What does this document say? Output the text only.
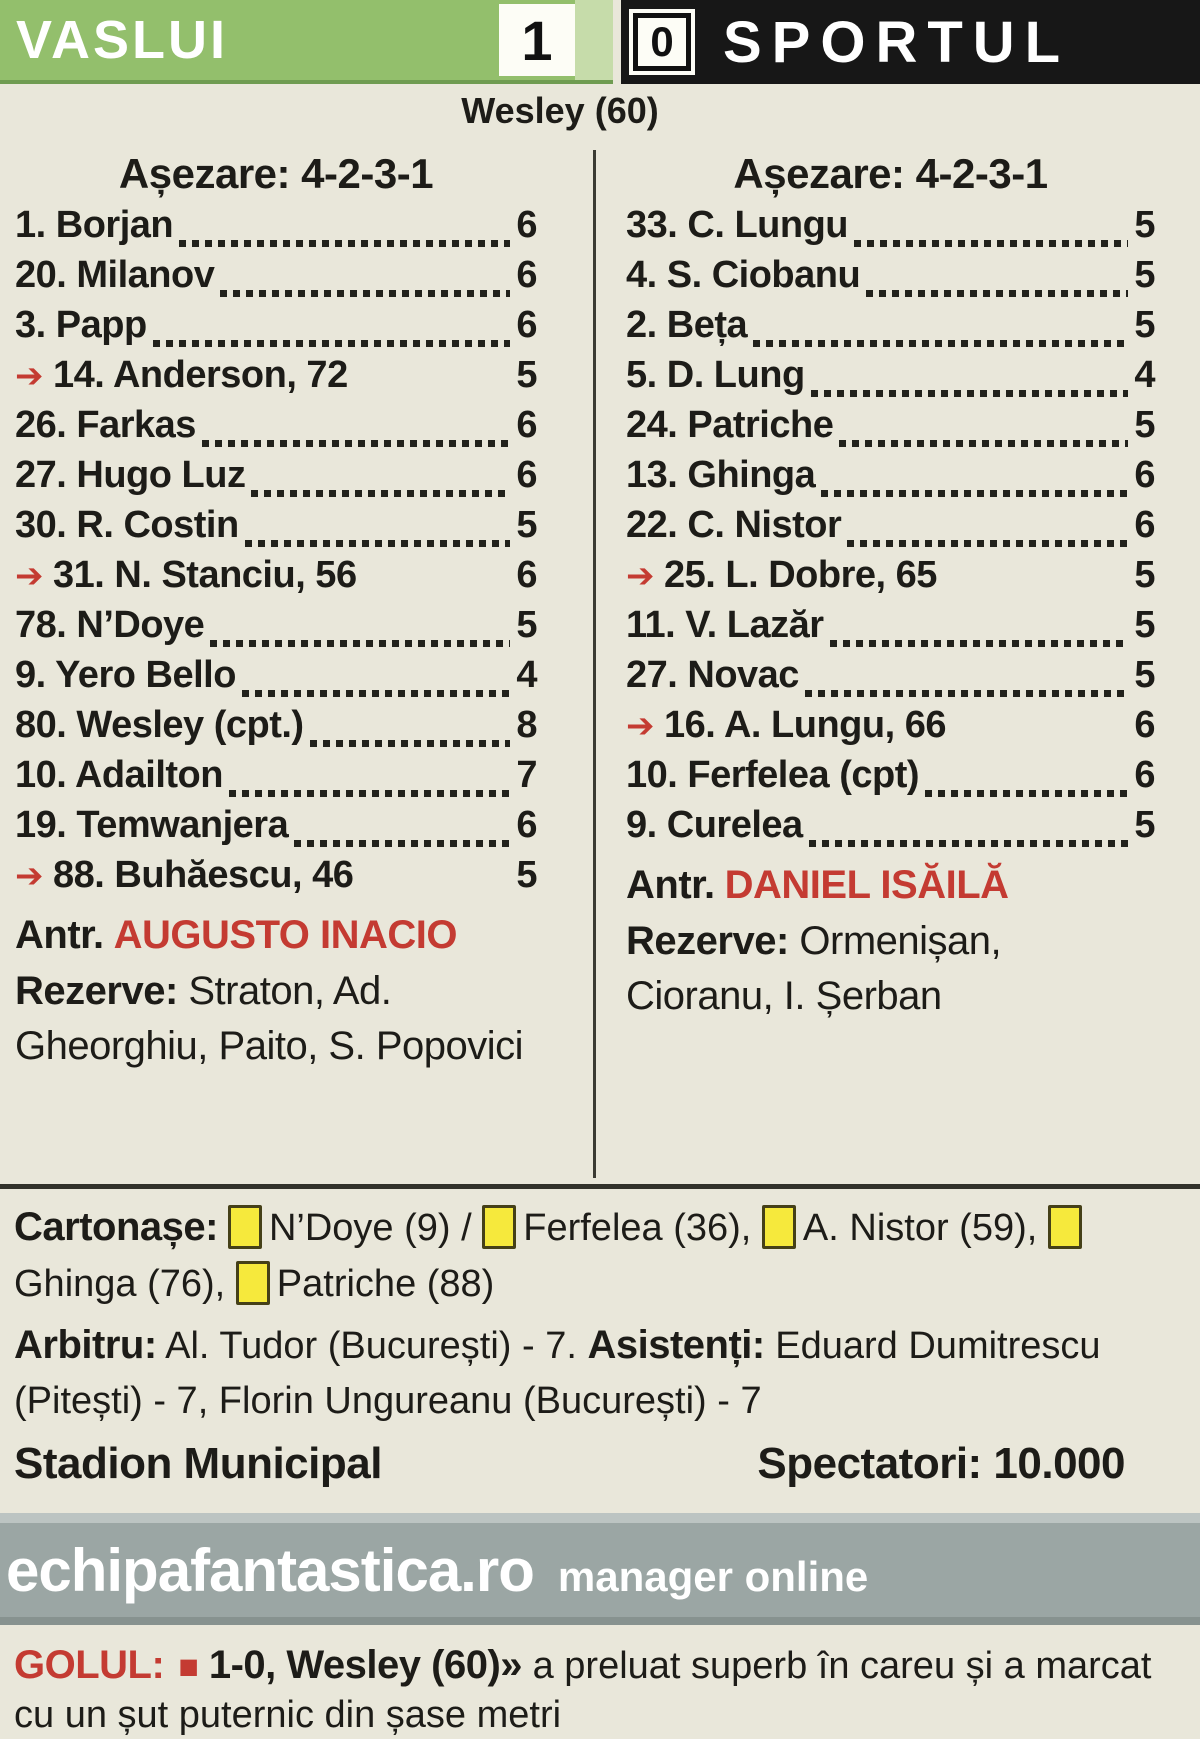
VASLUI	1	0 SPORTUL
Wesley (60)
Așezare: 4-2-3-1
1. Borjan	6
20. Milanov	6
3. Papp	6
➔ 14. Anderson, 72	5
26. Farkas	6
27. Hugo Luz	6
30. R. Costin	5
➔ 31. N. Stanciu, 56	6
78. N’Doye	5
9. Yero Bello	4
80. Wesley (cpt.)	8
10. Adailton	7
19. Temwanjera	6
➔ 88. Buhăescu, 46	5
Antr. AUGUSTO INACIO
Rezerve: Straton, Ad. Gheorghiu, Paito, S. Popovici
Așezare: 4-2-3-1
33. C. Lungu	5
4. S. Ciobanu	5
2. Beța	5
5. D. Lung	4
24. Patriche	5
13. Ghinga	6
22. C. Nistor	6
➔ 25. L. Dobre, 65	5
11. V. Lazăr	5
27. Novac	5
➔ 16. A. Lungu, 66	6
10. Ferfelea (cpt)	6
9. Curelea	5
Antr. DANIEL ISĂILĂ
Rezerve: Ormenișan, Cioranu, I. Șerban
Cartonașe: N’Doye (9) / Ferfelea (36), A. Nistor (59), Ghinga (76), Patriche (88)
Arbitru: Al. Tudor (București) - 7. Asistenți: Eduard Dumitrescu (Pitești) - 7, Florin Ungureanu (București) - 7
Stadion Municipal	Spectatori: 10.000
echipafantastica.ro manager online
GOLUL: ■ 1-0, Wesley (60)» a preluat superb în careu și a marcat cu un șut puternic din șase metri
